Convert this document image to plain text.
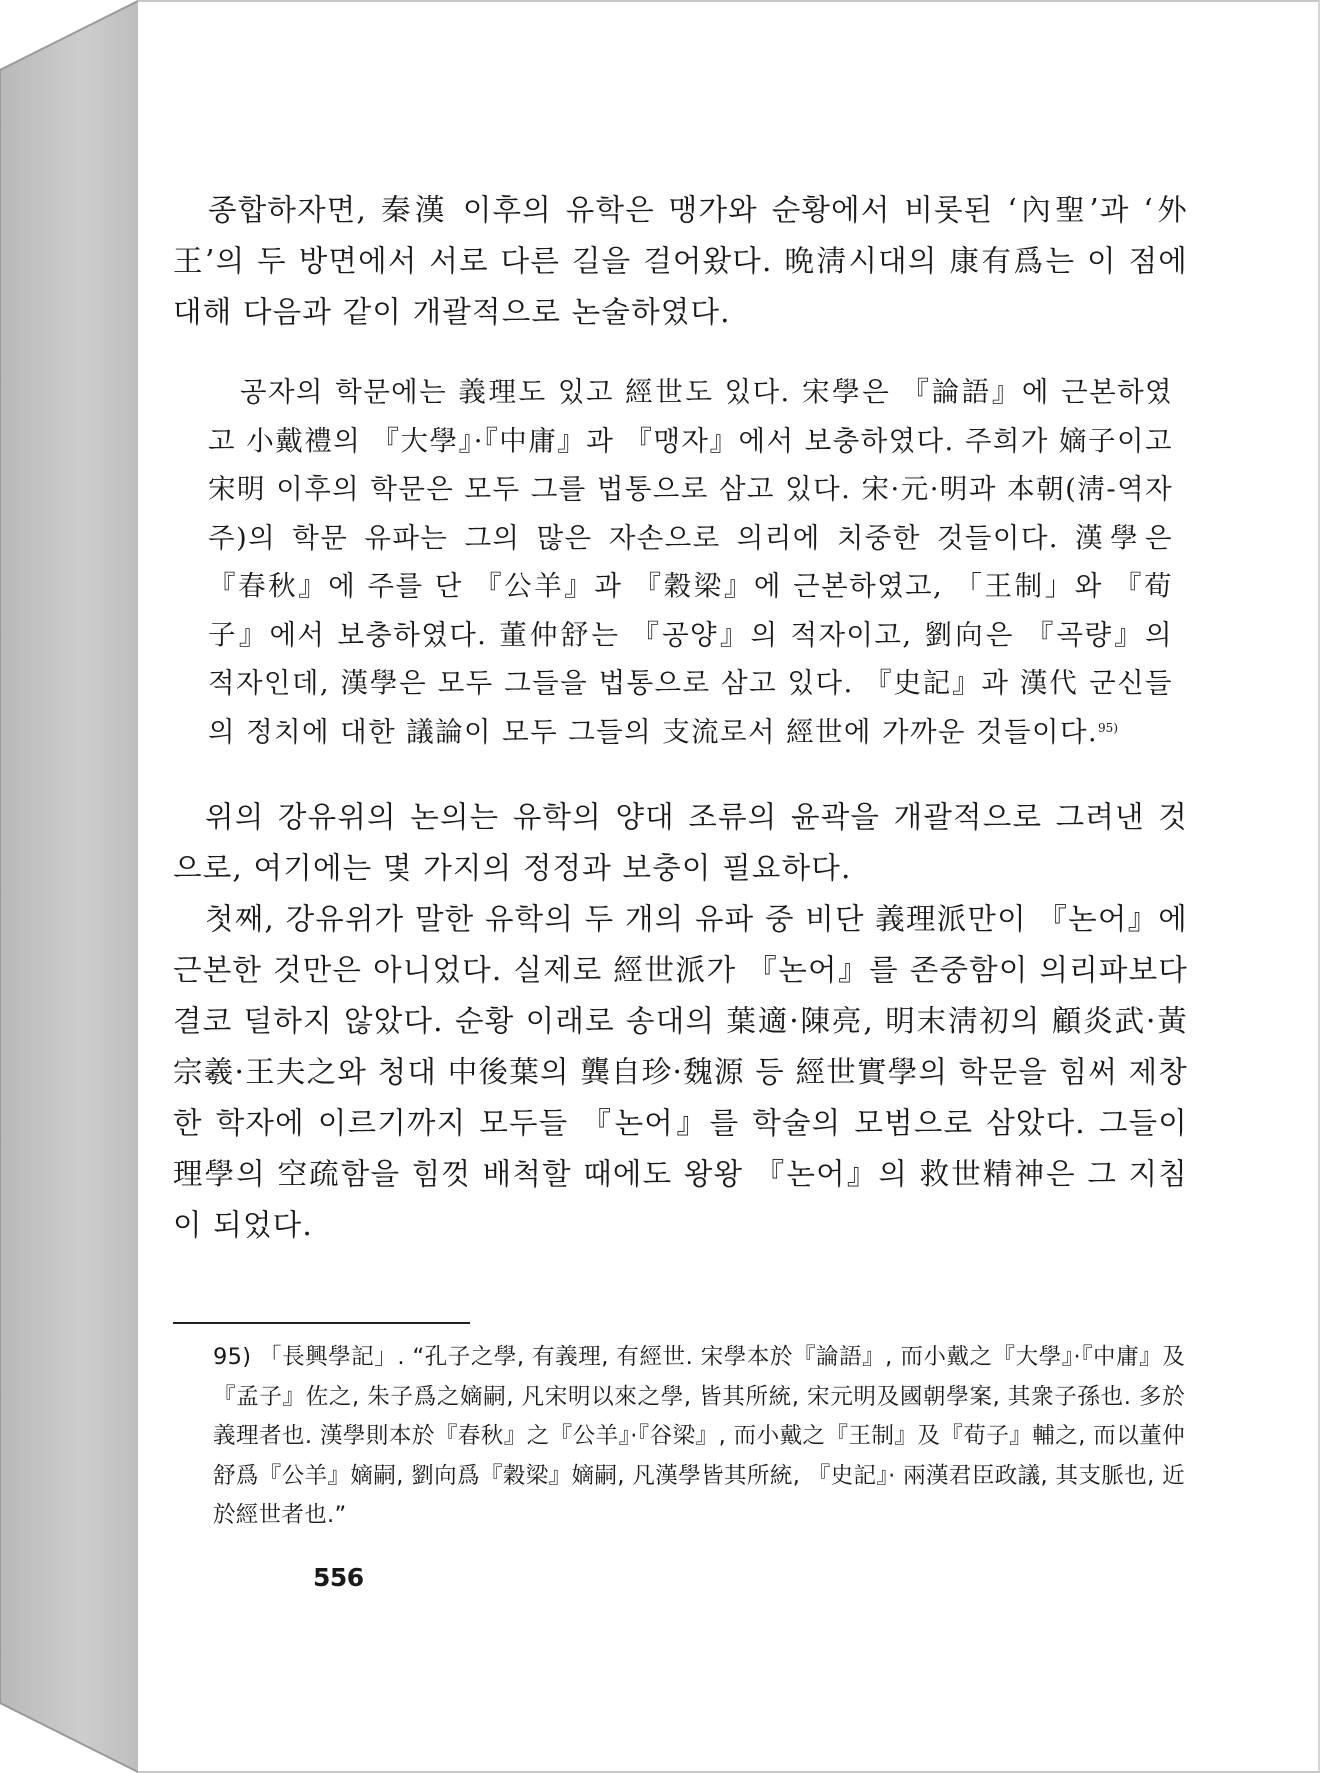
종합하자면, 秦漢 이후의 유학은 맹가와 순황에서 비롯된 ‘內聖’과 ‘外王’의 두 방면에서 서로 다른 길을 걸어왔다. 晩淸시대의 康有爲는 이 점에 대해 다음과 같이 개괄적으로 논술하였다.

공자의 학문에는 義理도 있고 經世도 있다. 宋學은 『論語』에 근본하였고 小戴禮의 『大學』·『中庸』과 『맹자』에서 보충하였다. 주희가 嫡子이고 宋明 이후의 학문은 모두 그를 법통으로 삼고 있다. 宋·元·明과 本朝(淸-역자주)의 학문 유파는 그의 많은 자손으로 의리에 치중한 것들이다. 漢學은 『春秋』에 주를 단 『公羊』과 『穀梁』에 근본하였고, 「王制」와 『荀子』에서 보충하였다. 董仲舒는 『공양』의 적자이고, 劉向은 『곡량』의 적자인데, 漢學은 모두 그들을 법통으로 삼고 있다. 『史記』과 漢代 군신들의 정치에 대한 議論이 모두 그들의 支流로서 經世에 가까운 것들이다.$^{95)}$

위의 강유위의 논의는 유학의 양대 조류의 윤곽을 개괄적으로 그려낸 것으로, 여기에는 몇 가지의 정정과 보충이 필요하다.

첫째, 강유위가 말한 유학의 두 개의 유파 중 비단 義理派만이 『논어』에 근본한 것만은 아니었다. 실제로 經世派가 『논어』를 존중함이 의리파보다 결코 덜하지 않았다. 순황 이래로 송대의 葉適·陳亮, 明末淸初의 顧炎武·黃宗羲·王夫之와 청대 中後葉의 龔自珍·魏源 등 經世實學의 학문을 힘써 제창한 학자에 이르기까지 모두들 『논어』를 학술의 모범으로 삼았다. 그들이 理學의 空疏함을 힘껏 배척할 때에도 왕왕 『논어』의 救世精神은 그 지침이 되었다.

95) 「長興學記」. “孔子之學, 有義理, 有經世. 宋學本於『論語』, 而小戴之『大學』·『中庸』及『孟子』佐之, 朱子爲之嫡嗣, 凡宋明以來之學, 皆其所統, 宋元明及國朝學案, 其衆子孫也. 多於義理者也. 漢學則本於『春秋』之『公羊』·『谷梁』, 而小戴之『王制』及『荀子』輔之, 而以董仲舒爲『公羊』嫡嗣, 劉向爲『穀梁』嫡嗣, 凡漢學皆其所統, 『史記』· 兩漢君臣政議, 其支脈也, 近於經世者也.”

556
